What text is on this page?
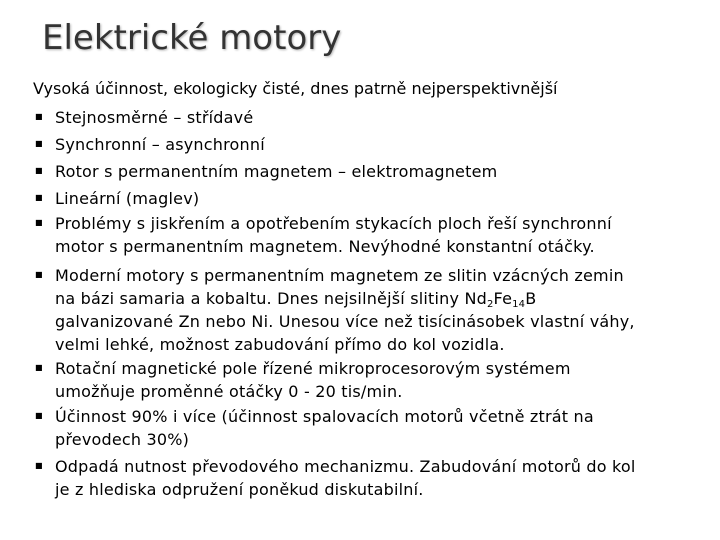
Elektrické motory
Vysoká účinnost, ekologicky čisté, dnes patrně nejperspektivnější
■ Stejnosměrné – střídavé
■ Synchronní – asynchronní
■ Rotor s permanentním magnetem – elektromagnetem
■ Lineární (maglev)
■ Problémy s jiskřením a opotřebením stykacích ploch řeší synchronní
motor s permanentním magnetem. Nevýhodné konstantní otáčky.
■ Moderní motory s permanentním magnetem ze slitin vzácných zemin
na bázi samaria a kobaltu. Dnes nejsilnější slitiny $Nd_2Fe_{14}B$
galvanizované Zn nebo Ni. Unesou více než tisícinásobek vlastní váhy,
velmi lehké, možnost zabudování přímo do kol vozidla.
■ Rotační magnetické pole řízené mikroprocesorovým systémem
umožňuje proměnné otáčky 0 - 20 tis/min.
■ Účinnost 90% i více (účinnost spalovacích motorů včetně ztrát na
převodech 30%)
■ Odpadá nutnost převodového mechanizmu. Zabudování motorů do kol
je z hlediska odpružení poněkud diskutabilní.
